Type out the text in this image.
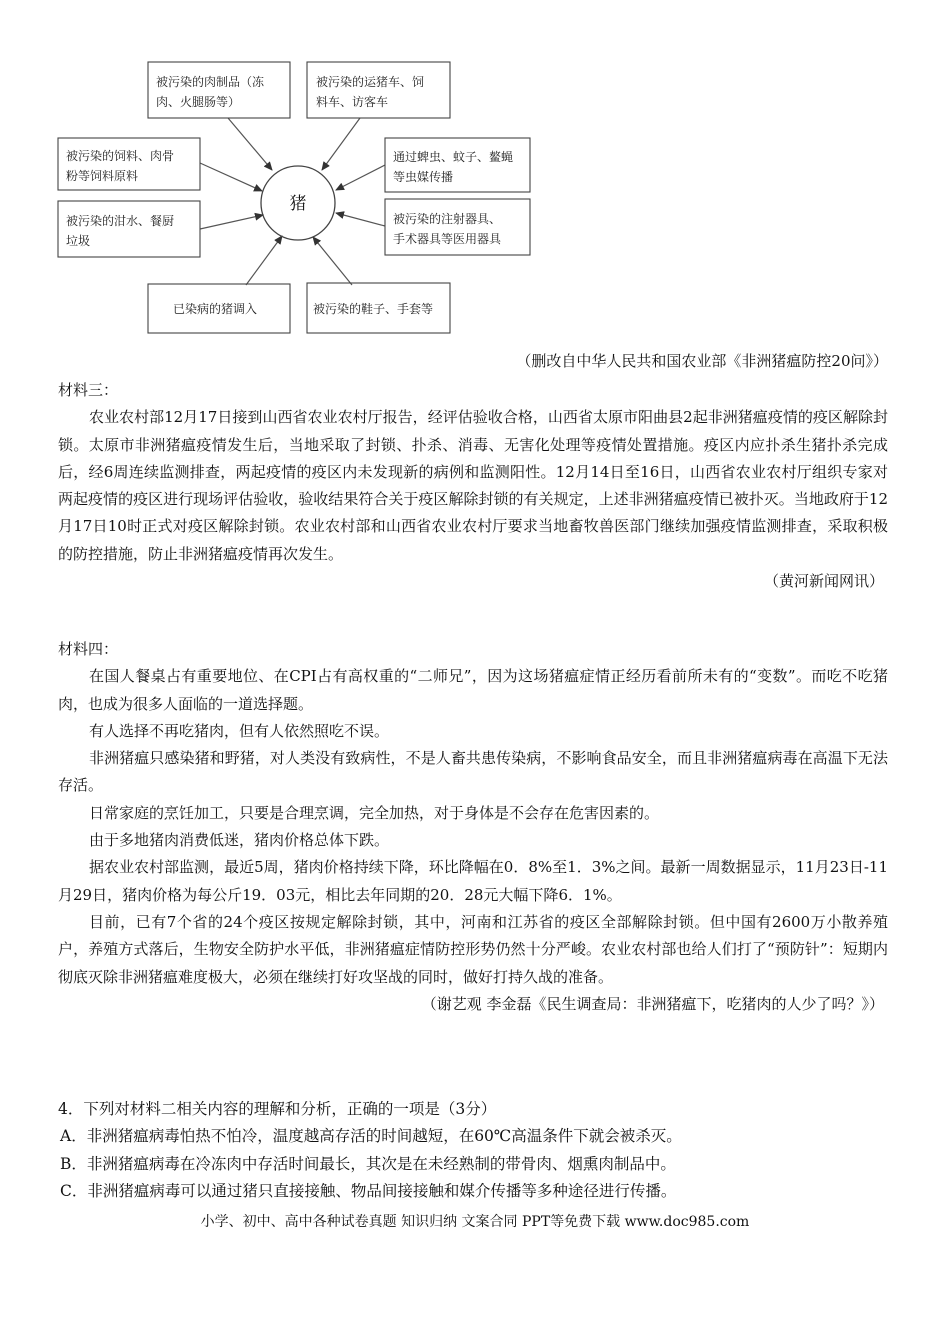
猪
被污染的肉制品（冻
肉、火腿肠等）
被污染的运猪车、饲
料车、访客车
被污染的饲料、肉骨
粉等饲料原料
通过蜱虫、蚊子、鳌蝇
等虫媒传播
被污染的泔水、餐厨
垃圾
被污染的注射器具、
手术器具等医用器具
已染病的猪调入	被污染的鞋子、手套等
（删改自中华人民共和国农业部《非洲猪瘟防控20问》）

材料三：

农业农村部12月17日接到山西省农业农村厅报告，经评估验收合格，山西省太原市阳曲县2起非洲猪瘟疫情的疫区解除封锁。太原市非洲猪瘟疫情发生后，当地采取了封锁、扑杀、消毒、无害化处理等疫情处置措施。疫区内应扑杀生猪扑杀完成后，经6周连续监测排查，两起疫情的疫区内未发现新的病例和监测阳性。12月14日至16日，山西省农业农村厅组织专家对两起疫情的疫区进行现场评估验收，验收结果符合关于疫区解除封锁的有关规定，上述非洲猪瘟疫情已被扑灭。当地政府于12月17日10时正式对疫区解除封锁。农业农村部和山西省农业农村厅要求当地畜牧兽医部门继续加强疫情监测排查，采取积极的防控措施，防止非洲猪瘟疫情再次发生。

（黄河新闻网讯）

材料四：

在国人餐桌占有重要地位、在CPI占有高权重的“二师兄”，因为这场猪瘟症情正经历看前所未有的“变数”。而吃不吃猪肉，也成为很多人面临的一道选择题。

有人选择不再吃猪肉，但有人依然照吃不误。

非洲猪瘟只感染猪和野猪，对人类没有致病性，不是人畜共患传染病，不影响食品安全，而且非洲猪瘟病毒在高温下无法存活。

日常家庭的烹饪加工，只要是合理烹调，完全加热，对于身体是不会存在危害因素的。

由于多地猪肉消费低迷，猪肉价格总体下跌。

据农业农村部监测，最近5周，猪肉价格持续下降，环比降幅在0．8%至1．3%之间。最新一周数据显示，11月23日-11月29日，猪肉价格为每公斤19．03元，相比去年同期的20．28元大幅下降6．1%。

目前，已有7个省的24个疫区按规定解除封锁，其中，河南和江苏省的疫区全部解除封锁。但中国有2600万小散养殖户，养殖方式落后，生物安全防护水平低，非洲猪瘟症情防控形势仍然十分严峻。农业农村部也给人们打了“预防针”：短期内彻底灭除非洲猪瘟难度极大，必须在继续打好攻坚战的同时，做好打持久战的准备。

（谢艺观 李金磊《民生调查局：非洲猪瘟下，吃猪肉的人少了吗？》）

4．下列对材料二相关内容的理解和分析，正确的一项是（3分）

A．非洲猪瘟病毒怕热不怕冷，温度越高存活的时间越短，在60℃高温条件下就会被杀灭。

B．非洲猪瘟病毒在冷冻肉中存活时间最长，其次是在未经熟制的带骨肉、烟熏肉制品中。

C．非洲猪瘟病毒可以通过猪只直接接触、物品间接接触和媒介传播等多种途径进行传播。

小学、初中、高中各种试卷真题 知识归纳 文案合同 PPT等免费下载 www.doc985.com
